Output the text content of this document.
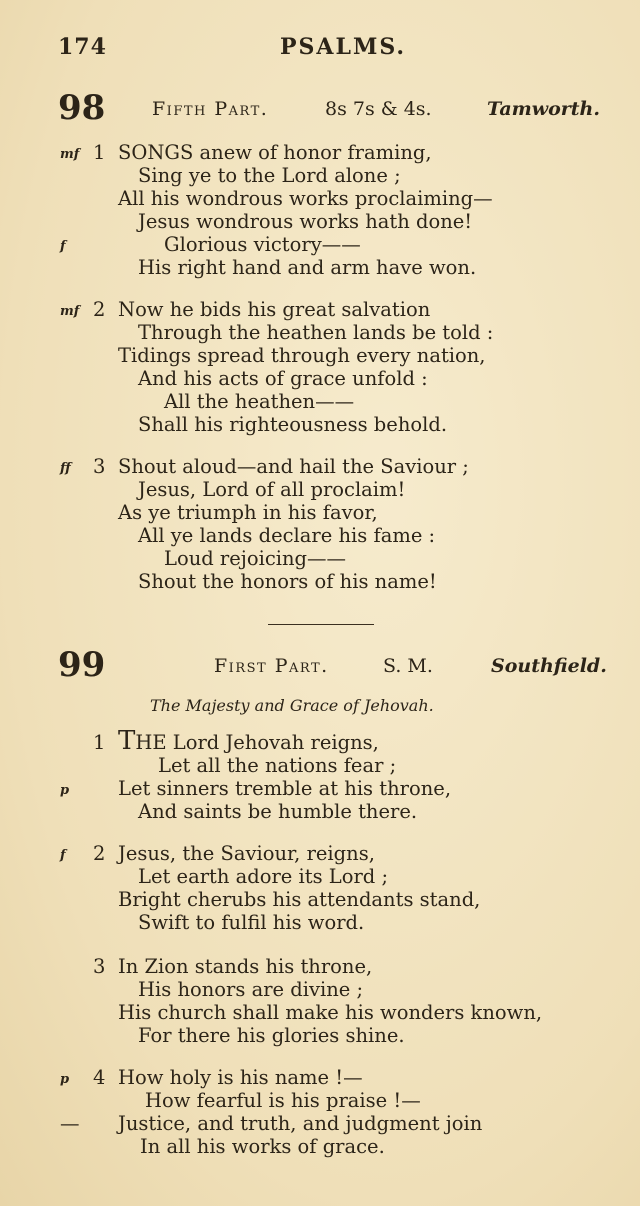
174	PSALMS.
98 Fifth Part.	8s 7s & 4s.	Tamworth.
mf 1 SONGS anew of honor framing,
Sing ye to the Lord alone ;
All his wondrous works proclaiming—
Jesus wondrous works hath done!
f	Glorious victory——
His right hand and arm have won.
mf 2 Now he bids his great salvation
Through the heathen lands be told :
Tidings spread through every nation,
And his acts of grace unfold :
All the heathen——
Shall his righteousness behold.
ff 3 Shout aloud—and hail the Saviour ;
Jesus, Lord of all proclaim!
As ye triumph in his favor,
All ye lands declare his fame :
Loud rejoicing——
Shout the honors of his name!
99	First Part.	S. M.	Southfield.
The Majesty and Grace of Jehovah.
1 THE Lord Jehovah reigns,
Let all the nations fear ;
p	Let sinners tremble at his throne,
And saints be humble there.
f 2 Jesus, the Saviour, reigns,
Let earth adore its Lord ;
Bright cherubs his attendants stand,
Swift to fulfil his word.
3 In Zion stands his throne,
His honors are divine ;
His church shall make his wonders known,
For there his glories shine.
p 4 How holy is his name !—
How fearful is his praise !—
— Justice, and truth, and judgment join
In all his works of grace.
